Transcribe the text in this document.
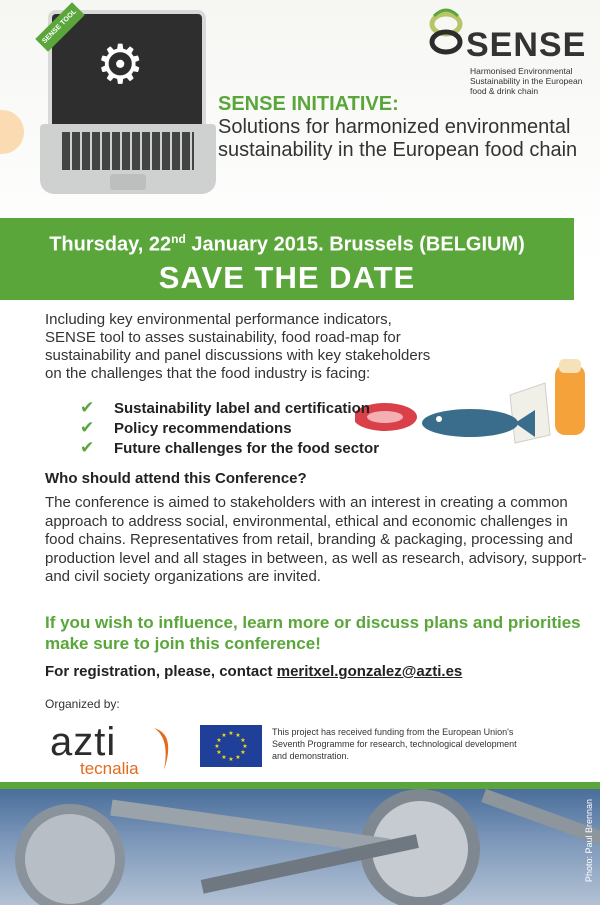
⚙
SENSE TOOL	SENSE
Harmonised Environmental Sustainability in the European food & drink chain
SENSE INITIATIVE:
Solutions for harmonized environmental sustainability in the European food chain
Thursday, 22nd January 2015. Brussels (BELGIUM)
SAVE THE DATE
Including key environmental performance indicators, SENSE tool to asses sustainability, food road-map for sustainability and panel discussions with key stakeholders on the challenges that the food industry is facing:
✔ Sustainability label and certification
✔ Policy recommendations
✔ Future challenges for the food sector
Who should attend this Conference?
The conference is aimed to stakeholders with an interest in creating a common approach to address social, environmental, ethical and economic challenges in food chains. Representatives from retail, branding & packaging, processing and production level and all stages in between, as well as research, advisory, support- and civil society organizations are invited.
If you wish to influence, learn more or discuss plans and priorities make sure to join this conference!
For registration, please, contact meritxel.gonzalez@azti.es
Organized by:
azti
tecnalia
★ ★
★
★
★
★
★
★
★
★
★
★	This project has received funding from the European Union's Seventh Programme for research, technological development and demonstration.
Photo: Paul Brennan
